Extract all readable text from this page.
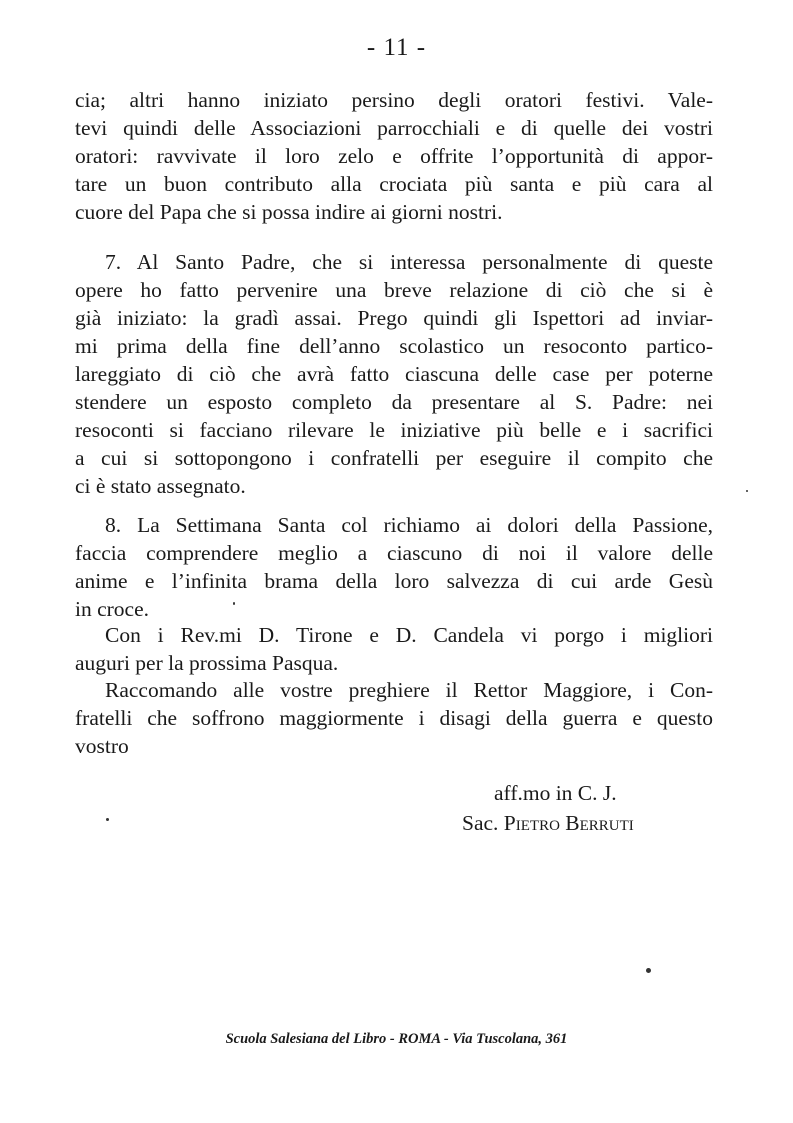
- 11 -
cia; altri hanno iniziato persino degli oratori festivi. Vale-
tevi quindi delle Associazioni parrocchiali e di quelle dei vostri
oratori: ravvivate il loro zelo e offrite l’opportunità di appor-
tare un buon contributo alla crociata più santa e più cara al
cuore del Papa che si possa indire ai giorni nostri.
7. Al Santo Padre, che si interessa personalmente di queste
opere ho fatto pervenire una breve relazione di ciò che si è
già iniziato: la gradì assai. Prego quindi gli Ispettori ad inviar-
mi prima della fine dell’anno scolastico un resoconto partico-
lareggiato di ciò che avrà fatto ciascuna delle case per poterne
stendere un esposto completo da presentare al S. Padre: nei
resoconti si facciano rilevare le iniziative più belle e i sacrifici
a cui si sottopongono i confratelli per eseguire il compito che
ci è stato assegnato.
8. La Settimana Santa col richiamo ai dolori della Passione,
faccia comprendere meglio a ciascuno di noi il valore delle
anime e l’infinita brama della loro salvezza di cui arde Gesù
in croce.
Con i Rev.mi D. Tirone e D. Candela vi porgo i migliori
auguri per la prossima Pasqua.
Raccomando alle vostre preghiere il Rettor Maggiore, i Con-
fratelli che soffrono maggiormente i disagi della guerra e questo
vostro
aff.mo in C. J.
Sac. Pietro Berruti
Scuola Salesiana del Libro - ROMA - Via Tuscolana, 361
